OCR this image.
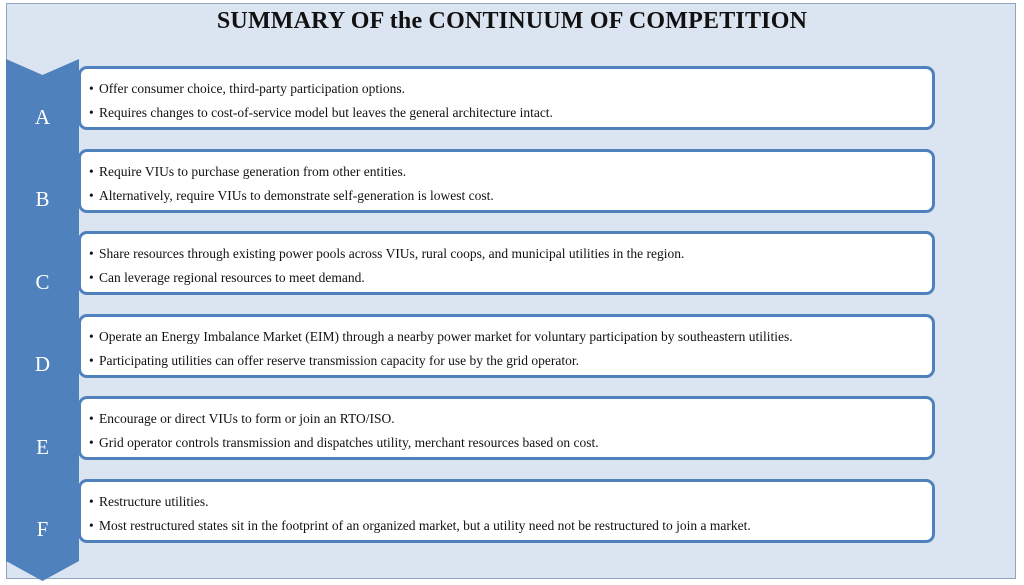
SUMMARY OF the CONTINUUM OF COMPETITION
A
B
C
D
E
F
• Offer consumer choice, third-party participation options.
• Requires changes to cost-of-service model but leaves the general architecture intact.
• Require VIUs to purchase generation from other entities.
• Alternatively, require VIUs to demonstrate self-generation is lowest cost.
• Share resources through existing power pools across VIUs, rural coops, and municipal utilities in the region.
• Can leverage regional resources to meet demand.
• Operate an Energy Imbalance Market (EIM) through a nearby power market for voluntary participation by southeastern utilities.
• Participating utilities can offer reserve transmission capacity for use by the grid operator.
• Encourage or direct VIUs to form or join an RTO/ISO.
• Grid operator controls transmission and dispatches utility, merchant resources based on cost.
• Restructure utilities.
• Most restructured states sit in the footprint of an organized market, but a utility need not be restructured to join a market.
